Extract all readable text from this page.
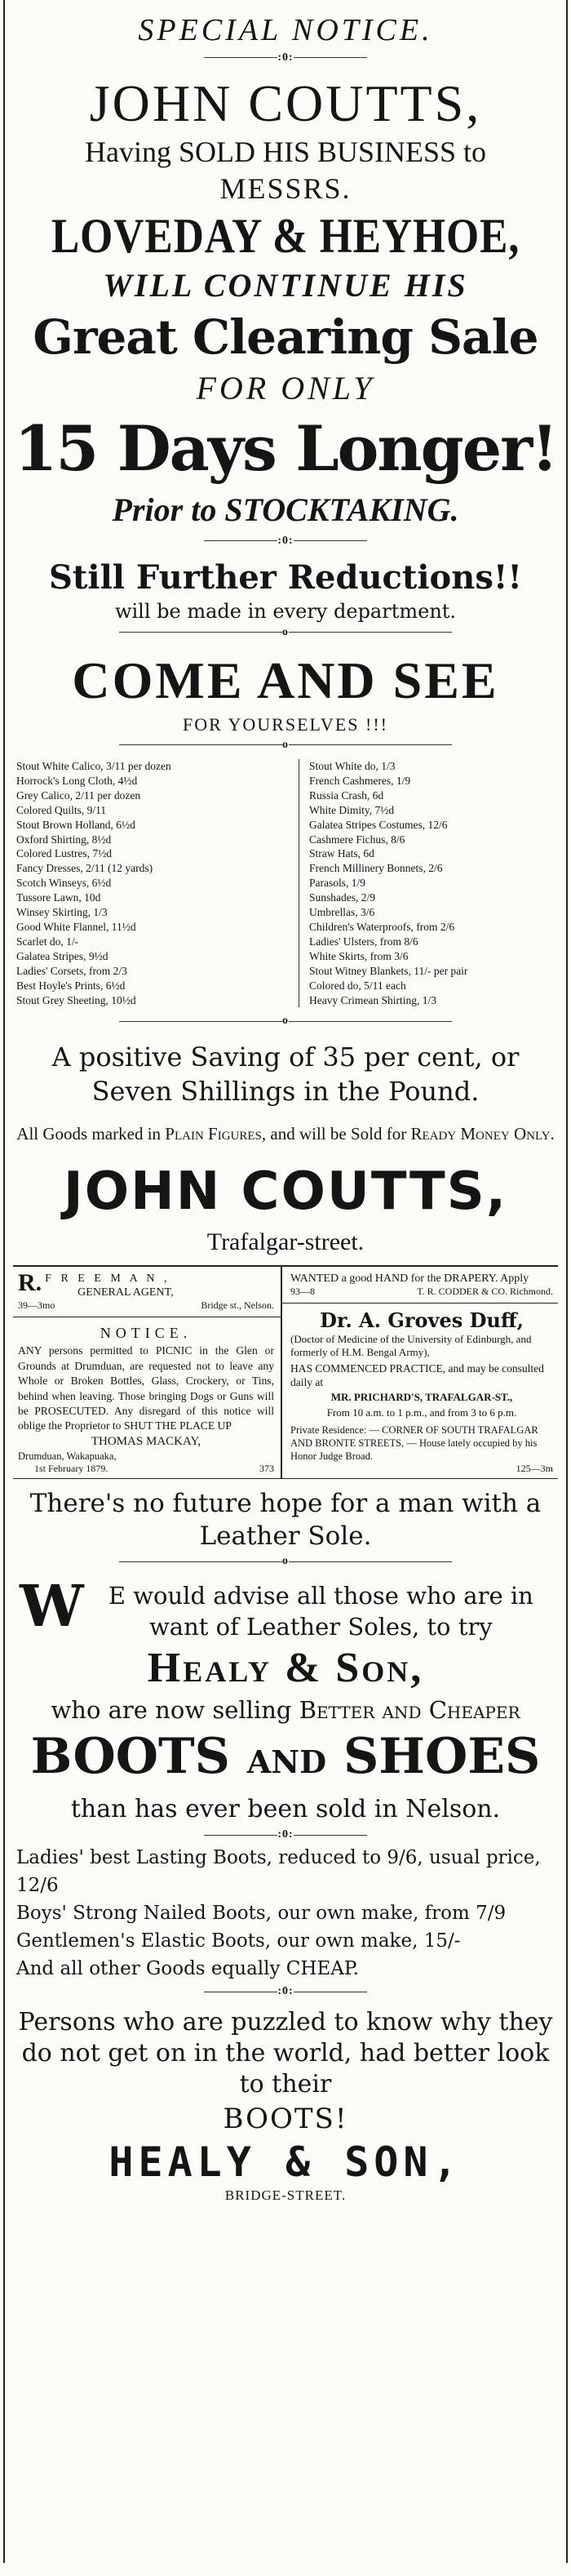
SPECIAL NOTICE.
:0:
JOHN COUTTS,
Having SOLD HIS BUSINESS to
MESSRS.
LOVEDAY & HEYHOE,
WILL CONTINUE HIS
Great Clearing Sale
FOR ONLY
15 Days Longer!
Prior to STOCKTAKING.
:0:
Still Further Reductions!!
will be made in every department.
o
COME AND SEE
FOR YOURSELVES !!!
o
Stout White Calico, 3/11 per dozen
Horrock's Long Cloth, 4½d
Grey Calico, 2/11 per dozen
Colored Quilts, 9/11
Stout Brown Holland, 6½d
Oxford Shirting, 8½d
Colored Lustres, 7½d
Fancy Dresses, 2/11 (12 yards)
Scotch Winseys, 6½d
Tussore Lawn, 10d
Winsey Skirting, 1/3
Good White Flannel, 11½d
Scarlet do, 1/-
Galatea Stripes, 9½d
Ladies' Corsets, from 2/3
Best Hoyle's Prints, 6½d
Stout Grey Sheeting, 10½d
Stout White do, 1/3
French Cashmeres, 1/9
Russia Crash, 6d
White Dimity, 7½d
Galatea Stripes Costumes, 12/6
Cashmere Fichus, 8/6
Straw Hats, 6d
French Millinery Bonnets, 2/6
Parasols, 1/9
Sunshades, 2/9
Umbrellas, 3/6
Children's Waterproofs, from 2/6
Ladies' Ulsters, from 8/6
White Skirts, from 3/6
Stout Witney Blankets, 11/- per pair
Colored do, 5/11 each
Heavy Crimean Shirting, 1/3
o
A positive Saving of 35 per cent, or Seven Shillings in the Pound.
All Goods marked in Plain Figures, and will be Sold for Ready Money Only.
JOHN COUTTS,
Trafalgar-street.
R. F R E E M A N ,
GENERAL AGENT,
39—3mo	Bridge st., Nelson.
NOTICE.
ANY persons permitted to PICNIC in the Glen or Grounds at Drumduan, are requested not to leave any Whole or Broken Bottles, Glass, Crockery, or Tins, behind when leaving. Those bringing Dogs or Guns will be PROSECUTED. Any disregard of this notice will oblige the Proprietor to SHUT THE PLACE UP
THOMAS MACKAY,
Drumduan, Wakapuaka,
1st February 1879.	373
WANTED a good HAND for the DRAPERY. Apply
93—8	T. R. CODDER & CO. Richmond.
Dr. A. Groves Duff,
(Doctor of Medicine of the University of Edinburgh, and formerly of H.M. Bengal Army),
HAS COMMENCED PRACTICE, and may be consulted daily at
MR. PRICHARD'S, TRAFALGAR-ST.,
From 10 a.m. to 1 p.m., and from 3 to 6 p.m.
Private Residence: — CORNER OF SOUTH TRAFALGAR AND BRONTE STREETS, — House lately occupied by his Honor Judge Broad.
125—3m
There's no future hope for a man with a Leather Sole.
o
W E would advise all those who are in want of Leather Soles, to try
Healy & Son,
who are now selling Better and Cheaper
BOOTS AND SHOES
than has ever been sold in Nelson.
:0:
Ladies' best Lasting Boots, reduced to 9/6, usual price, 12/6
Boys' Strong Nailed Boots, our own make, from 7/9
Gentlemen's Elastic Boots, our own make, 15/-
And all other Goods equally CHEAP.
:0:
Persons who are puzzled to know why they do not get on in the world, had better look to their
BOOTS!
HEALY & SON,
BRIDGE-STREET.
